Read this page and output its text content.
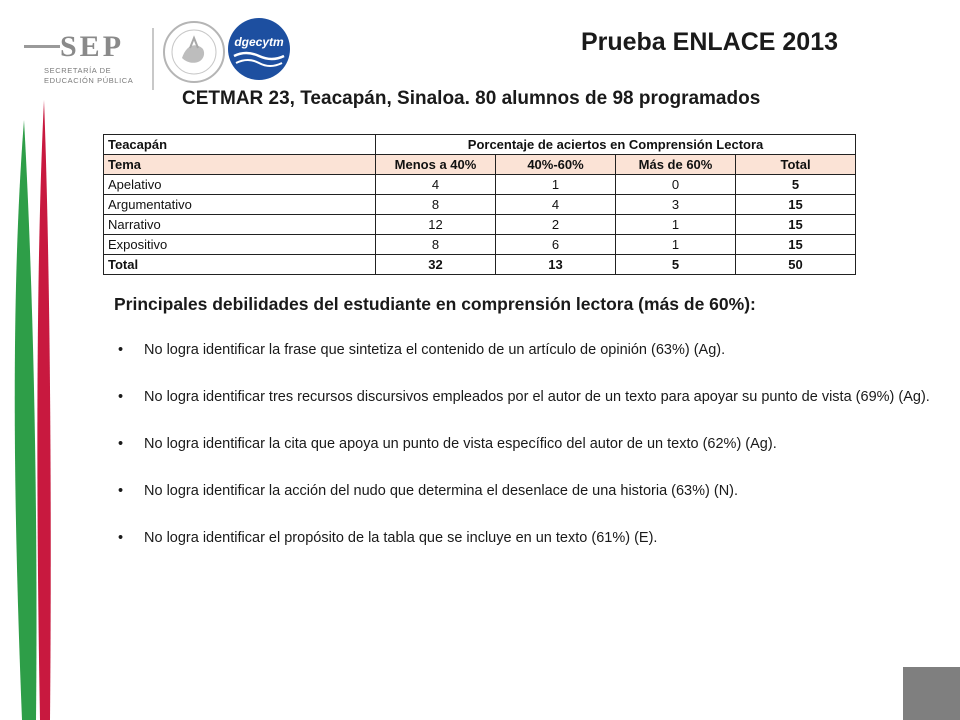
SEP
SECRETARÍA DE
EDUCACIÓN PÚBLICA
dgecytm	Prueba ENLACE 2013
CETMAR 23, Teacapán, Sinaloa. 80 alumnos de 98 programados
Teacapán	Porcentaje de aciertos en Comprensión Lectora			
Tema	Menos a 40%	40%-60%	Más de 60%	Total
Apelativo	4	1	0	5
Argumentativo	8	4	3	15
Narrativo	12	2	1	15
Expositivo	8	6	1	15
Total	32	13	5	50
Principales debilidades del estudiante en comprensión lectora (más de 60%):
• No logra identificar la frase que sintetiza el contenido de un artículo de opinión (63%) (Ag).
• No logra identificar tres recursos discursivos empleados por el autor de un texto para apoyar su punto de vista (69%) (Ag).
• No logra identificar la cita que apoya un punto de vista específico del autor de un texto (62%) (Ag).
• No logra identificar la acción del nudo que determina el desenlace de una historia (63%) (N).
• No logra identificar el propósito de la tabla que se incluye en un texto (61%) (E).
